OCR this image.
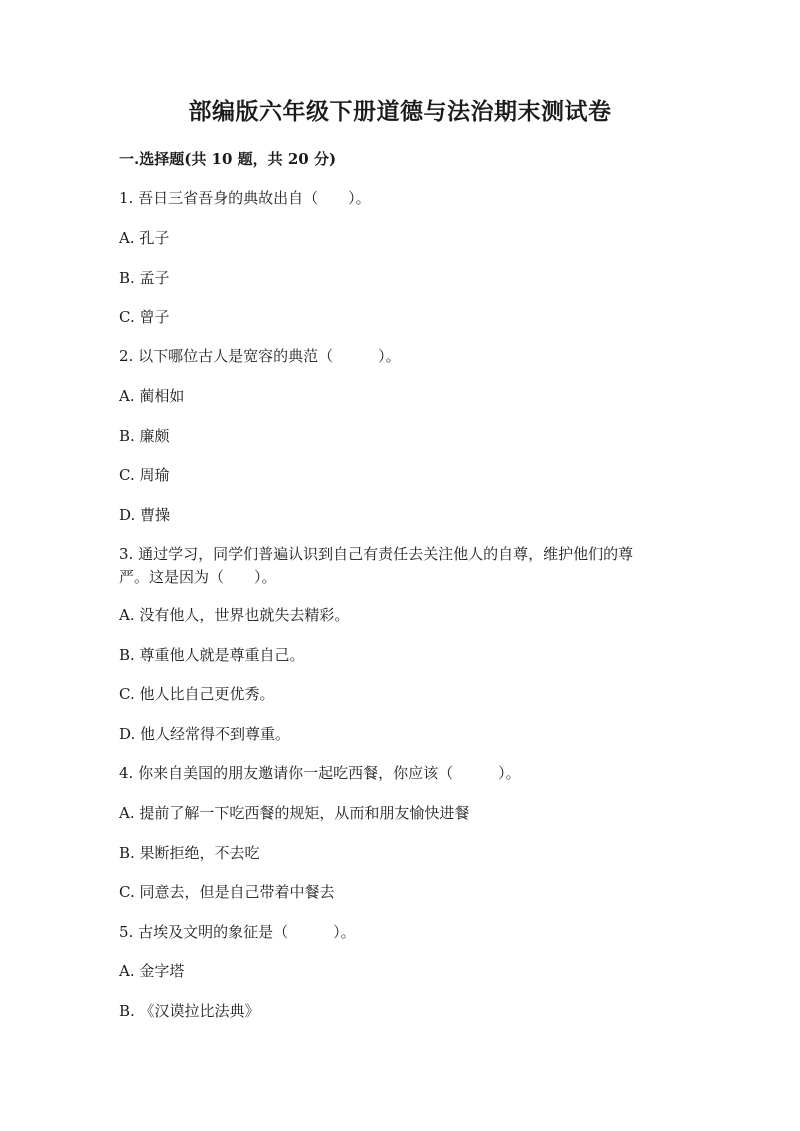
部编版六年级下册道德与法治期末测试卷
一.选择题(共 10 题，共 20 分)
1. 吾日三省吾身的典故出自（　　）。
A. 孔子
B. 孟子
C. 曾子
2. 以下哪位古人是宽容的典范（　　　）。
A. 蔺相如
B. 廉颇
C. 周瑜
D. 曹操
3. 通过学习，同学们普遍认识到自己有责任去关注他人的自尊，维护他们的尊
严。这是因为（　　）。
A. 没有他人，世界也就失去精彩。
B. 尊重他人就是尊重自己。
C. 他人比自己更优秀。
D. 他人经常得不到尊重。
4. 你来自美国的朋友邀请你一起吃西餐，你应该（　　　）。
A. 提前了解一下吃西餐的规矩，从而和朋友愉快进餐
B. 果断拒绝，不去吃
C. 同意去，但是自己带着中餐去
5. 古埃及文明的象征是（　　　）。
A. 金字塔
B. 《汉谟拉比法典》
